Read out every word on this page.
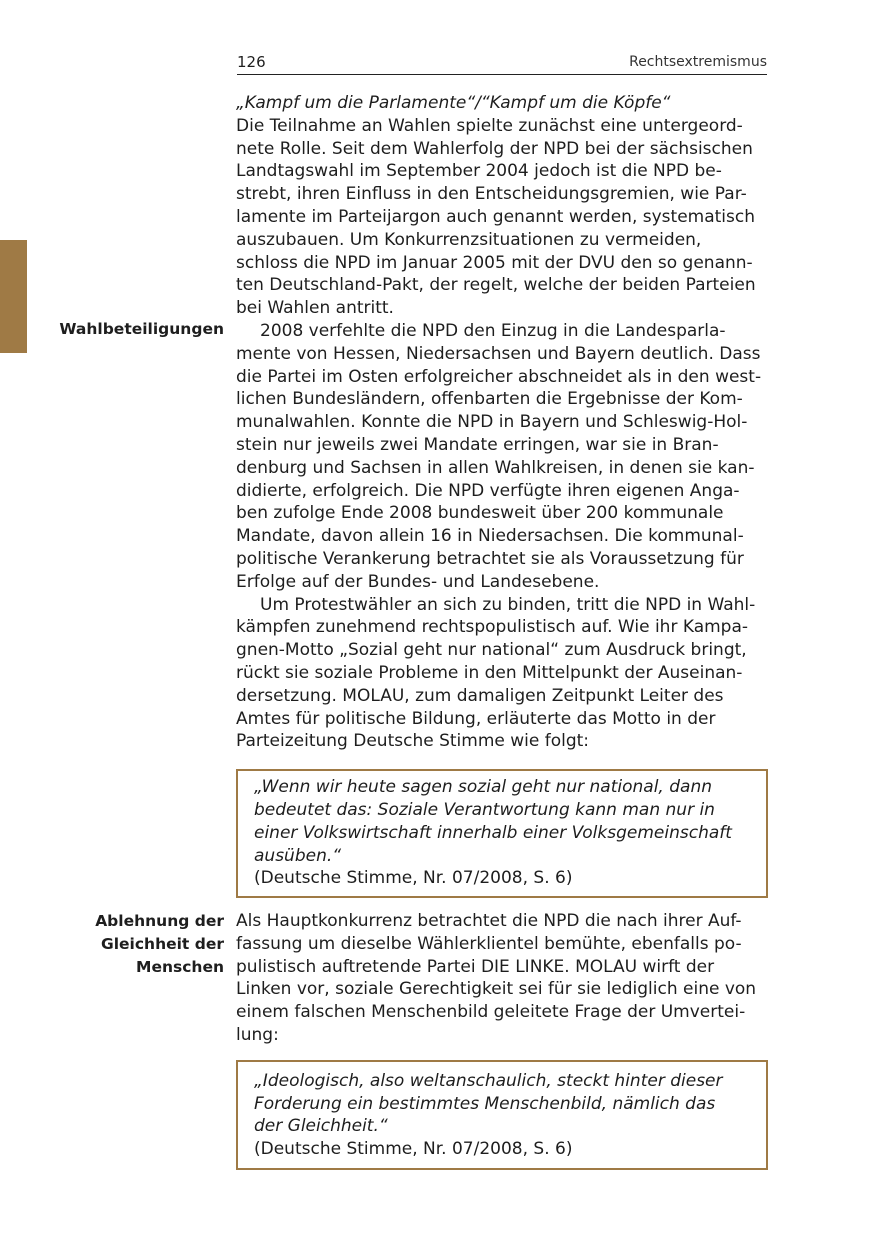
126	Rechtsextremismus
Wahlbeteiligungen
Ablehnung der
Gleichheit der
Menschen

„Kampf um die Parlamente“/“Kampf um die Köpfe“

Die Teilnahme an Wahlen spielte zunächst eine untergeord-
nete Rolle. Seit dem Wahlerfolg der NPD bei der sächsischen
Landtagswahl im September 2004 jedoch ist die NPD be-
strebt, ihren Einfluss in den Entscheidungsgremien, wie Par-
lamente im Parteijargon auch genannt werden, systematisch
auszubauen. Um Konkurrenzsituationen zu vermeiden,
schloss die NPD im Januar 2005 mit der DVU den so genann-
ten Deutschland-Pakt, der regelt, welche der beiden Parteien
bei Wahlen antritt.

2008 verfehlte die NPD den Einzug in die Landesparla-
mente von Hessen, Niedersachsen und Bayern deutlich. Dass
die Partei im Osten erfolgreicher abschneidet als in den west-
lichen Bundesländern, offenbarten die Ergebnisse der Kom-
munalwahlen. Konnte die NPD in Bayern und Schleswig-Hol-
stein nur jeweils zwei Mandate erringen, war sie in Bran-
denburg und Sachsen in allen Wahlkreisen, in denen sie kan-
didierte, erfolgreich. Die NPD verfügte ihren eigenen Anga-
ben zufolge Ende 2008 bundesweit über 200 kommunale
Mandate, davon allein 16 in Niedersachsen. Die kommunal-
politische Verankerung betrachtet sie als Voraussetzung für
Erfolge auf der Bundes- und Landesebene.

Um Protestwähler an sich zu binden, tritt die NPD in Wahl-
kämpfen zunehmend rechtspopulistisch auf. Wie ihr Kampa-
gnen-Motto „Sozial geht nur national“ zum Ausdruck bringt,
rückt sie soziale Probleme in den Mittelpunkt der Auseinan-
dersetzung. MOLAU, zum damaligen Zeitpunkt Leiter des
Amtes für politische Bildung, erläuterte das Motto in der
Parteizeitung Deutsche Stimme wie folgt:

„Wenn wir heute sagen sozial geht nur national, dann
bedeutet das: Soziale Verantwortung kann man nur in
einer Volkswirtschaft innerhalb einer Volksgemeinschaft
ausüben.“
(Deutsche Stimme, Nr. 07/2008, S. 6)

Als Hauptkonkurrenz betrachtet die NPD die nach ihrer Auf-
fassung um dieselbe Wählerklientel bemühte, ebenfalls po-
pulistisch auftretende Partei DIE LINKE. MOLAU wirft der
Linken vor, soziale Gerechtigkeit sei für sie lediglich eine von
einem falschen Menschenbild geleitete Frage der Umvertei-
lung:

„Ideologisch, also weltanschaulich, steckt hinter dieser
Forderung ein bestimmtes Menschenbild, nämlich das
der Gleichheit.“
(Deutsche Stimme, Nr. 07/2008, S. 6)
